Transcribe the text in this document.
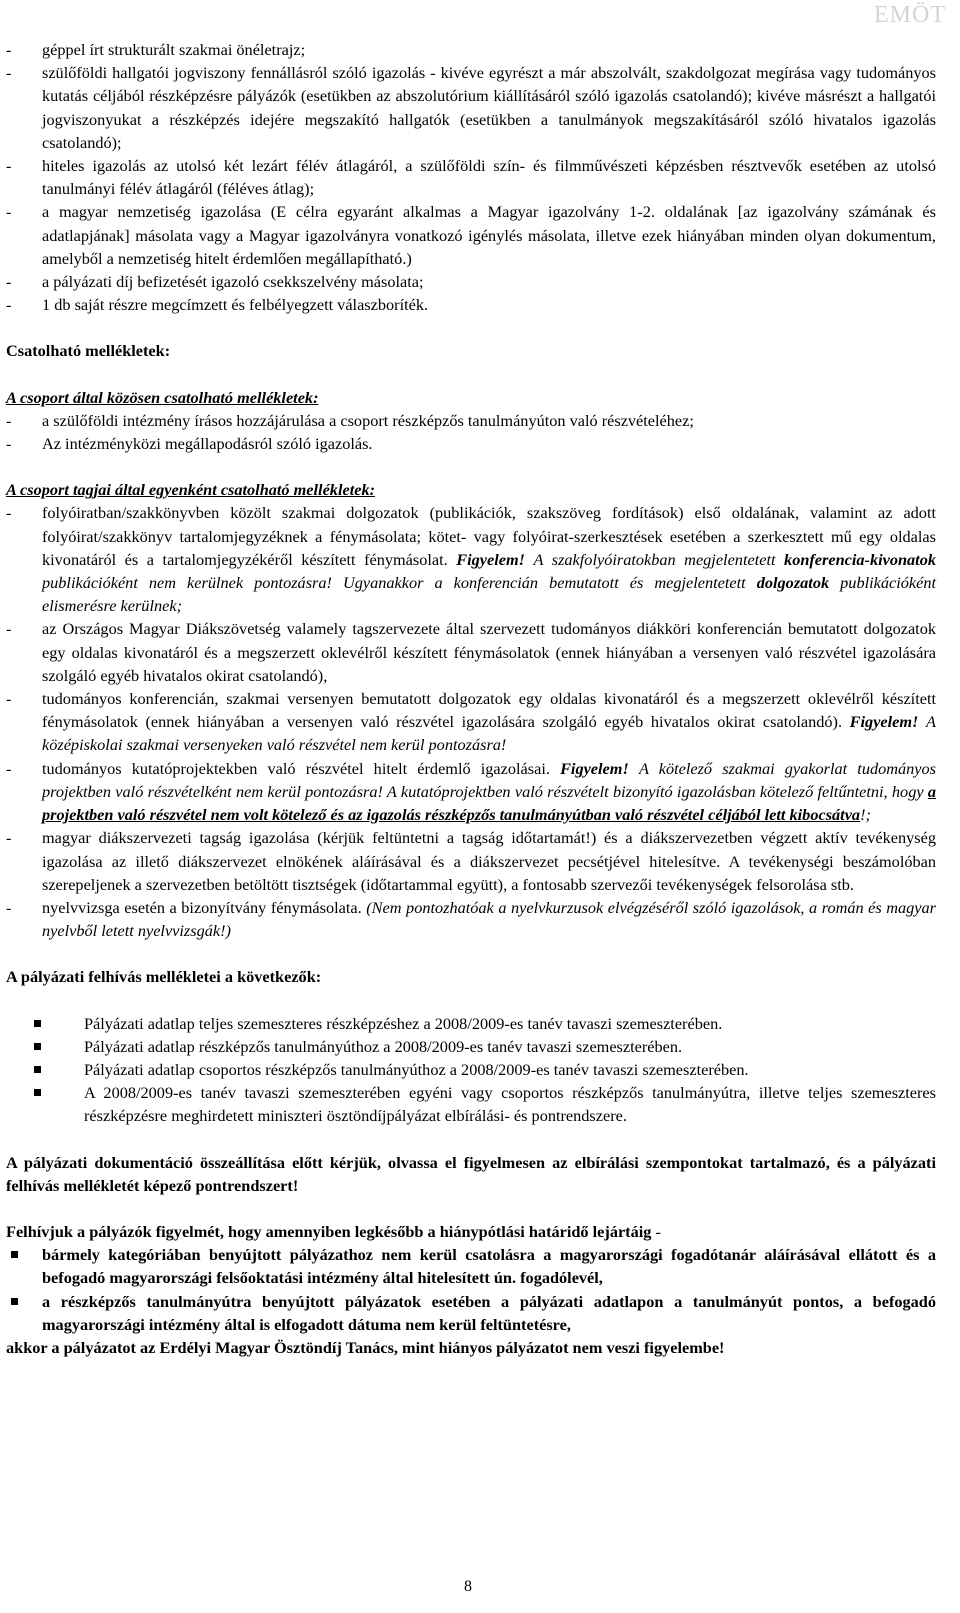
EMÖT
- géppel írt strukturált szakmai önéletrajz;
- szülőföldi hallgatói jogviszony fennállásról szóló igazolás - kivéve egyrészt a már abszolvált, szakdolgozat megírása vagy tudományos kutatás céljából részképzésre pályázók (esetükben az abszolutórium kiállításáról szóló igazolás csatolandó); kivéve másrészt a hallgatói jogviszonyukat a részképzés idejére megszakító hallgatók (esetükben a tanulmányok megszakításáról szóló hivatalos igazolás csatolandó);
- hiteles igazolás az utolsó két lezárt félév átlagáról, a szülőföldi szín- és filmművészeti képzésben résztvevők esetében az utolsó tanulmányi félév átlagáról (féléves átlag);
- a magyar nemzetiség igazolása (E célra egyaránt alkalmas a Magyar igazolvány 1-2. oldalának [az igazolvány számának és adatlapjának] másolata vagy a Magyar igazolványra vonatkozó igénylés másolata, illetve ezek hiányában minden olyan dokumentum, amelyből a nemzetiség hitelt érdemlően megállapítható.)
- a pályázati díj befizetését igazoló csekkszelvény másolata;
- 1 db saját részre megcímzett és felbélyegzett válaszboríték.
Csatolható mellékletek:
A csoport által közösen csatolható mellékletek:
- a szülőföldi intézmény írásos hozzájárulása a csoport részképzős tanulmányúton való részvételéhez;
- Az intézményközi megállapodásról szóló igazolás.
A csoport tagjai által egyenként csatolható mellékletek:
- folyóiratban/szakkönyvben közölt szakmai dolgozatok (publikációk, szakszöveg fordítások) első oldalának, valamint az adott folyóirat/szakkönyv tartalomjegyzéknek a fénymásolata; kötet- vagy folyóirat-szerkesztések esetében a szerkesztett mű egy oldalas kivonatáról és a tartalomjegyzékéről készített fénymásolat. Figyelem! A szakfolyóiratokban megjelentetett konferencia-kivonatok publikációként nem kerülnek pontozásra! Ugyanakkor a konferencián bemutatott és megjelentetett dolgozatok publikációként elismerésre kerülnek;
- az Országos Magyar Diákszövetség valamely tagszervezete által szervezett tudományos diákköri konferencián bemutatott dolgozatok egy oldalas kivonatáról és a megszerzett oklevélről készített fénymásolatok (ennek hiányában a versenyen való részvétel igazolására szolgáló egyéb hivatalos okirat csatolandó),
- tudományos konferencián, szakmai versenyen bemutatott dolgozatok egy oldalas kivonatáról és a megszerzett oklevélről készített fénymásolatok (ennek hiányában a versenyen való részvétel igazolására szolgáló egyéb hivatalos okirat csatolandó). Figyelem! A középiskolai szakmai versenyeken való részvétel nem kerül pontozásra!
- tudományos kutatóprojektekben való részvétel hitelt érdemlő igazolásai. Figyelem! A kötelező szakmai gyakorlat tudományos projektben való részvételként nem kerül pontozásra! A kutatóprojektben való részvételt bizonyító igazolásban kötelező feltűntetni, hogy a projektben való részvétel nem volt kötelező és az igazolás részképzős tanulmányútban való részvétel céljából lett kibocsátva!;
- magyar diákszervezeti tagság igazolása (kérjük feltüntetni a tagság időtartamát!) és a diákszervezetben végzett aktív tevékenység igazolása az illető diákszervezet elnökének aláírásával és a diákszervezet pecsétjével hitelesítve. A tevékenységi beszámolóban szerepeljenek a szervezetben betöltött tisztségek (időtartammal együtt), a fontosabb szervezői tevékenységek felsorolása stb.
- nyelvvizsga esetén a bizonyítvány fénymásolata. (Nem pontozhatóak a nyelvkurzusok elvégzéséről szóló igazolások, a román és magyar nyelvből letett nyelvvizsgák!)
A pályázati felhívás mellékletei a következők:
Pályázati adatlap teljes szemeszteres részképzéshez a 2008/2009-es tanév tavaszi szemeszterében.
Pályázati adatlap részképzős tanulmányúthoz a 2008/2009-es tanév tavaszi szemeszterében.
Pályázati adatlap csoportos részképzős tanulmányúthoz a 2008/2009-es tanév tavaszi szemeszterében.
A 2008/2009-es tanév tavaszi szemeszterében egyéni vagy csoportos részképzős tanulmányútra, illetve teljes szemeszteres részképzésre meghirdetett miniszteri ösztöndíjpályázat elbírálási- és pontrendszere.
A pályázati dokumentáció összeállítása előtt kérjük, olvassa el figyelmesen az elbírálási szempontokat tartalmazó, és a pályázati felhívás mellékletét képező pontrendszert!
Felhívjuk a pályázók figyelmét, hogy amennyiben legkésőbb a hiánypótlási határidő lejártáig -
bármely kategóriában benyújtott pályázathoz nem kerül csatolásra a magyarországi fogadótanár aláírásával ellátott és a befogadó magyarországi felsőoktatási intézmény által hitelesített ún. fogadólevél,
a részképzős tanulmányútra benyújtott pályázatok esetében a pályázati adatlapon a tanulmányút pontos, a befogadó magyarországi intézmény által is elfogadott dátuma nem kerül feltüntetésre,
akkor a pályázatot az Erdélyi Magyar Ösztöndíj Tanács, mint hiányos pályázatot nem veszi figyelembe!
8
